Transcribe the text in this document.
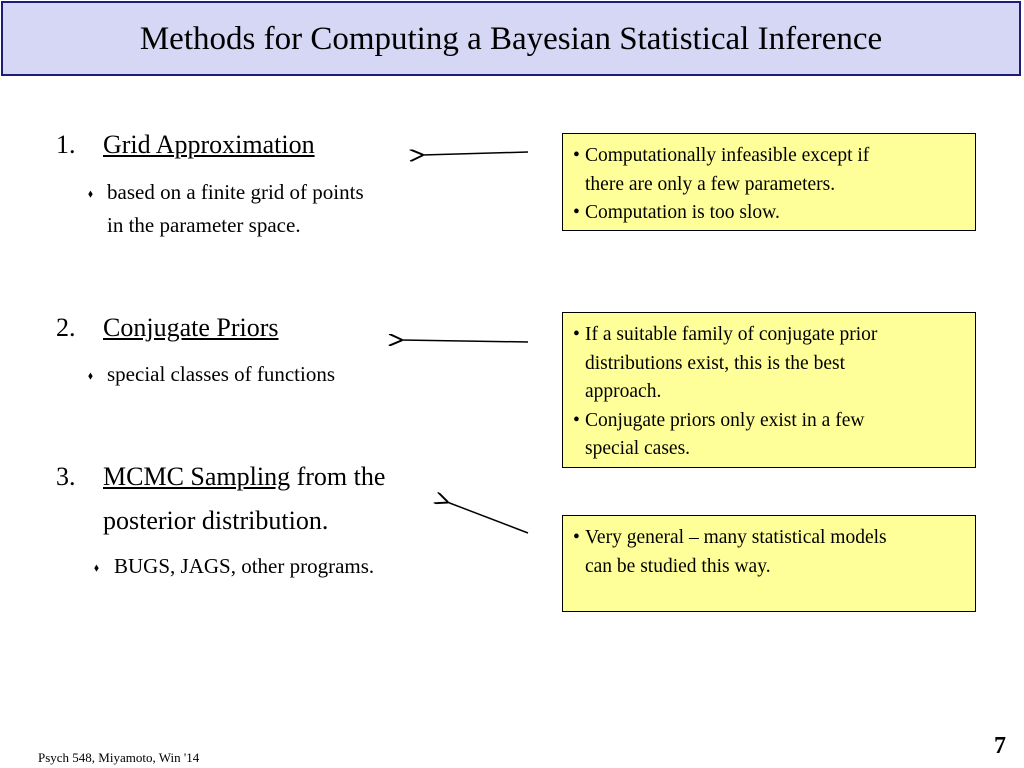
Methods for Computing a Bayesian Statistical Inference
1. Grid Approximation
⬧ based on a finite grid of points
in the parameter space.
2. Conjugate Priors
⬧ special classes of functions
3. MCMC Sampling from the
posterior distribution.
⬧ BUGS, JAGS, other programs.
• Computationally infeasible except if
there are only a few parameters.
• Computation is too slow.
• If a suitable family of conjugate prior
distributions exist, this is the best
approach.
• Conjugate priors only exist in a few
special cases.
• Very general – many statistical models
can be studied this way.
Psych 548, Miyamoto, Win '14	7
